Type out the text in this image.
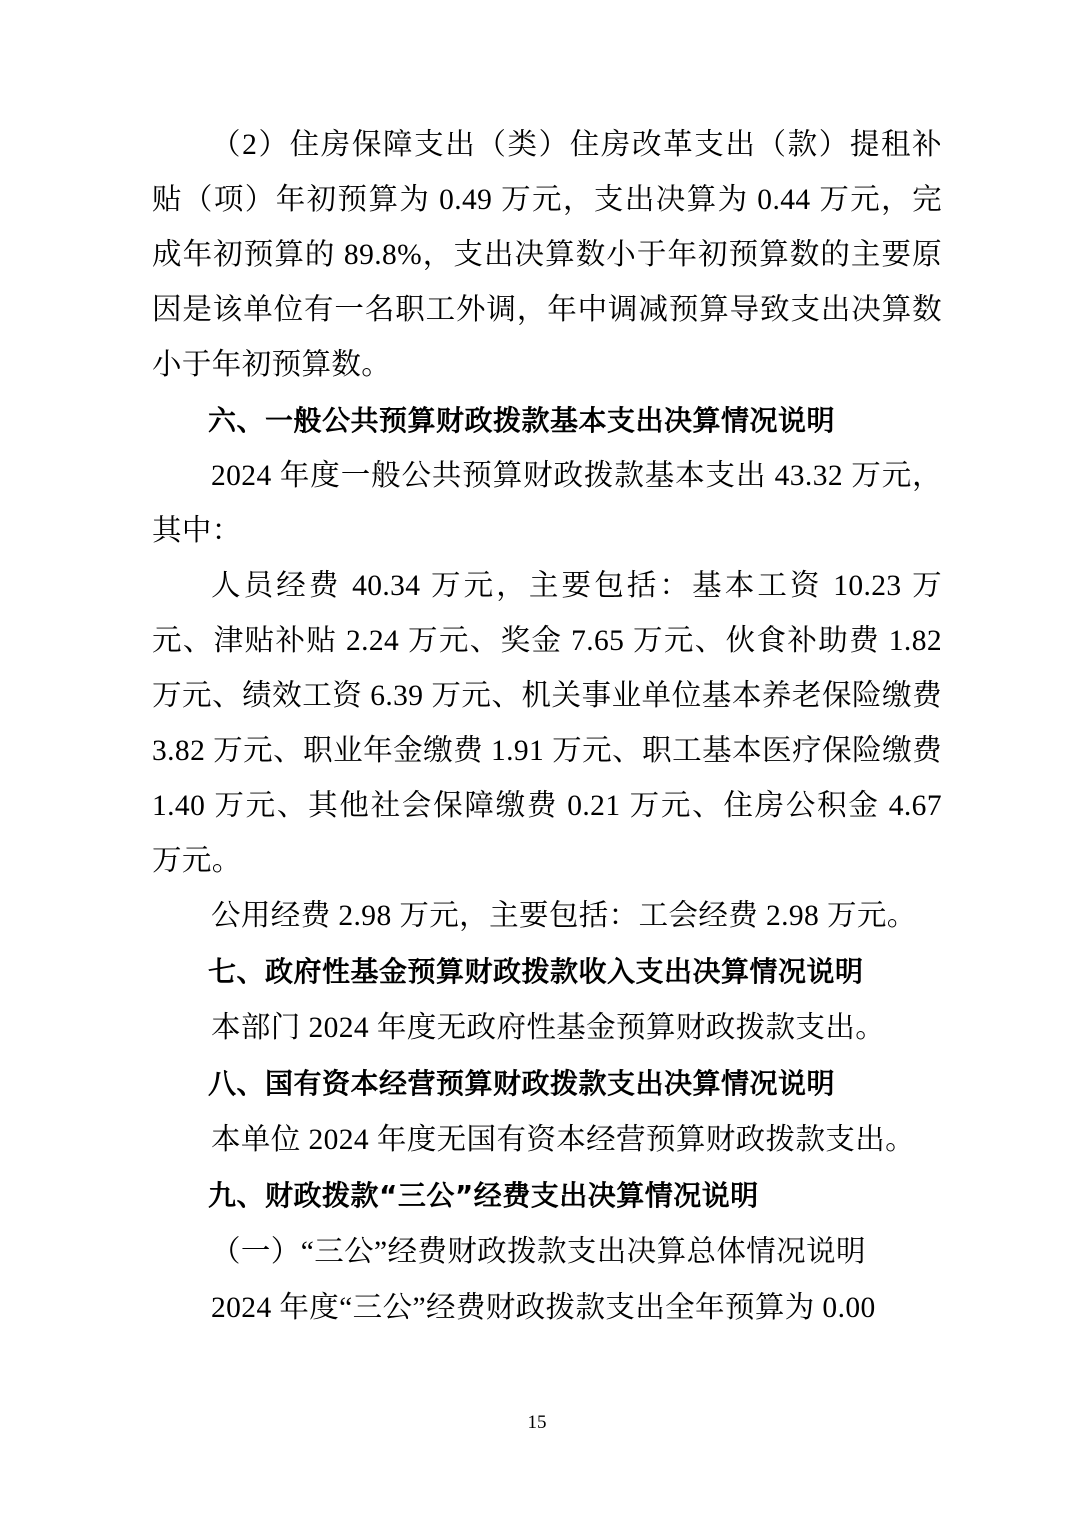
（2）住房保障支出（类）住房改革支出（款）提租补贴（项）年初预算为 0.49 万元，支出决算为 0.44 万元，完成年初预算的 89.8%，支出决算数小于年初预算数的主要原因是该单位有一名职工外调，年中调减预算导致支出决算数小于年初预算数。

六、一般公共预算财政拨款基本支出决算情况说明

2024 年度一般公共预算财政拨款基本支出 43.32 万元，其中：

人员经费 40.34 万元，主要包括：基本工资 10.23 万元、津贴补贴 2.24 万元、奖金 7.65 万元、伙食补助费 1.82 万元、绩效工资 6.39 万元、机关事业单位基本养老保险缴费 3.82 万元、职业年金缴费 1.91 万元、职工基本医疗保险缴费 1.40 万元、其他社会保障缴费 0.21 万元、住房公积金 4.67 万元。

公用经费 2.98 万元，主要包括：工会经费 2.98 万元。

七、政府性基金预算财政拨款收入支出决算情况说明

本部门 2024 年度无政府性基金预算财政拨款支出。

八、国有资本经营预算财政拨款支出决算情况说明

本单位 2024 年度无国有资本经营预算财政拨款支出。

九、财政拨款“三公”经费支出决算情况说明

（一）“三公”经费财政拨款支出决算总体情况说明

2024 年度“三公”经费财政拨款支出全年预算为 0.00

15
